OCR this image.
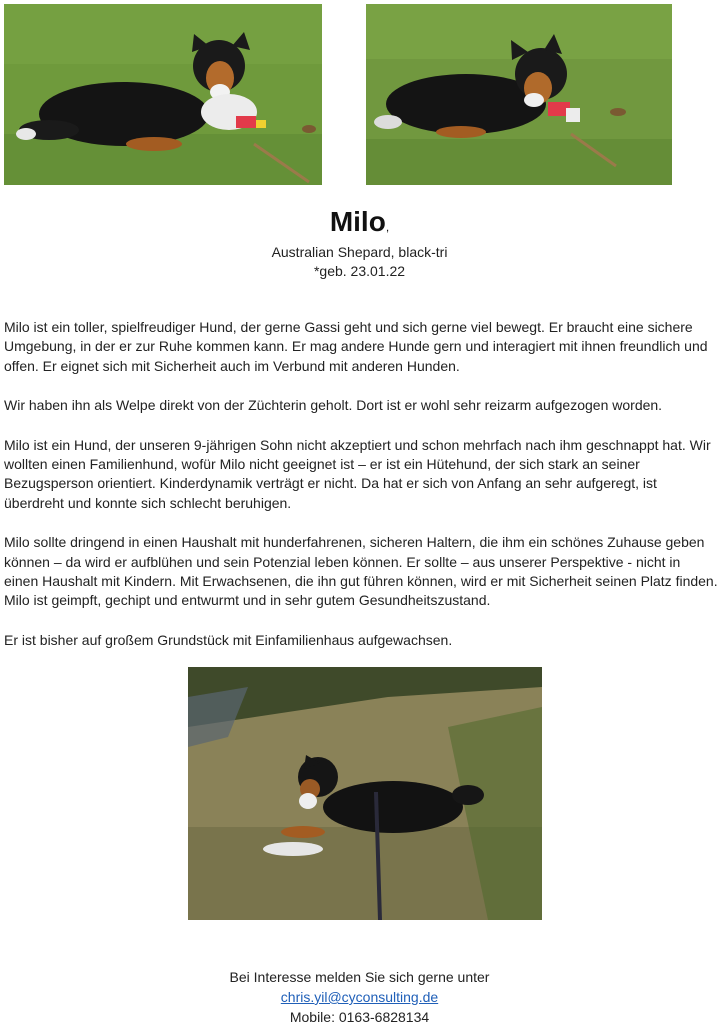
Milo,
Australian Shepard, black-tri
*geb. 23.01.22

Milo ist ein toller, spielfreudiger Hund, der gerne Gassi geht und sich gerne viel bewegt. Er braucht eine sichere Umgebung, in der er zur Ruhe kommen kann. Er mag andere Hunde gern und interagiert mit ihnen freundlich und offen. Er eignet sich mit Sicherheit auch im Verbund mit anderen Hunden.

Wir haben ihn als Welpe direkt von der Züchterin geholt. Dort ist er wohl sehr reizarm aufgezogen worden.

Milo ist ein Hund, der unseren 9-jährigen Sohn nicht akzeptiert und schon mehrfach nach ihm geschnappt hat. Wir wollten einen Familienhund, wofür Milo nicht geeignet ist – er ist ein Hütehund, der sich stark an seiner Bezugsperson orientiert. Kinderdynamik verträgt er nicht. Da hat er sich von Anfang an sehr aufgeregt, ist überdreht und konnte sich schlecht beruhigen.

Milo sollte dringend in einen Haushalt mit hunderfahrenen, sicheren Haltern, die ihm ein schönes Zuhause geben können – da wird er aufblühen und sein Potenzial leben können. Er sollte – aus unserer Perspektive - nicht in einen Haushalt mit Kindern. Mit Erwachsenen, die ihn gut führen können, wird er mit Sicherheit seinen Platz finden. Milo ist geimpft, gechipt und entwurmt und in sehr gutem Gesundheitszustand.

Er ist bisher auf großem Grundstück mit Einfamilienhaus aufgewachsen.

Bei Interesse melden Sie sich gerne unter
chris.yil@cyconsulting.de
Mobile: 0163-6828134
